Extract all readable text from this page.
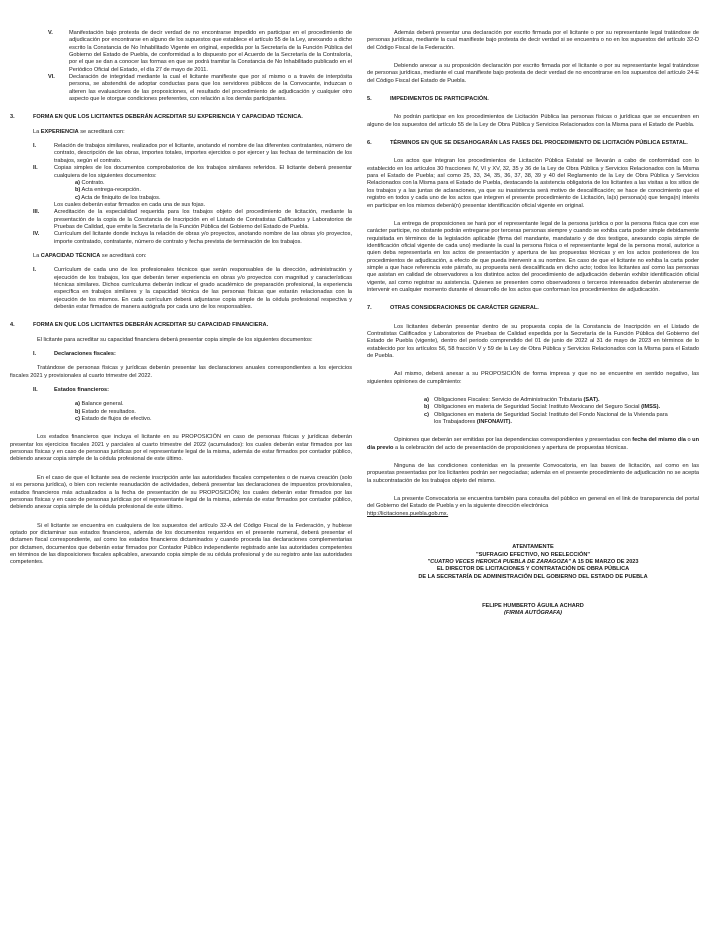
V.	Manifestación bajo protesta de decir verdad de no encontrarse impedido en participar en el procedimiento de adjudicación por encontrarse en alguno de los supuestos que establece el artículo 55 de la Ley, anexando a dicho escrito la Constancia de No Inhabilitado Vigente en original, expedida por la Secretaría de la Función Pública del Gobierno del Estado de Puebla, de conformidad a lo dispuesto por el Acuerdo de la Secretaría de la Contraloría, por el que se dan a conocer las formas en que se podrá tramitar la Constancia de No Inhabilitado publicado en el Periódico Oficial del Estado, el día 27 de mayo de 2011.

VI.	Declaración de integridad mediante la cual el licitante manifieste que por sí mismo o a través de interpósita persona, se abstendrá de adoptar conductas para que los servidores públicos de la Convocante, induzcan o alteren las evaluaciones de las proposiciones, el resultado del procedimiento de adjudicación y cualquier otro aspecto que le otorgue condiciones preferentes, con relación a los demás participantes.

3.	FORMA EN QUE LOS LICITANTES DEBERÁN ACREDITAR SU EXPERIENCIA Y CAPACIDAD TÉCNICA.

La EXPERIENCIA se acreditará con:

I.	Relación de trabajos similares, realizados por el licitante, anotando el nombre de las diferentes contratantes, número de contrato, descripción de las obras, importes totales, importes ejercidos o por ejercer y las fechas de terminación de los trabajos, según el contrato.

II.	Copias simples de los documentos comprobatorios de los trabajos similares referidos. El licitante deberá presentar cualquiera de los siguientes documentos:

a) Contrato.
b) Acta entrega-recepción.
c) Acta de finiquito de los trabajos.

Los cuales deberán estar firmados en cada una de sus fojas.

III.	Acreditación de la especialidad requerida para los trabajos objeto del procedimiento de licitación, mediante la presentación de la copia de la Constancia de Inscripción en el Listado de Contratistas Calificados y Laboratorios de Pruebas de Calidad, que emite la Secretaría de la Función Pública del Gobierno del Estado de Puebla.

IV.	Currículum del licitante donde incluya la relación de obras y/o proyectos, anotando nombre de las obras y/o proyectos, importe contratado, contratante, número de contrato y fecha prevista de terminación de los trabajos.

La CAPACIDAD TÉCNICA se acreditará con:

I.	Currículum de cada uno de los profesionales técnicos que serán responsables de la dirección, administración y ejecución de los trabajos, los que deberán tener experiencia en obras y/o proyectos con magnitud y características técnicas similares. Dichos currículums deberán indicar el grado académico de preparación profesional, la experiencia específica en trabajos similares y la capacidad técnica de las personas físicas que estarán relacionadas con la ejecución de los mismos. En cada currículum deberá adjuntarse copia simple de la cédula profesional respectiva y deberán estar firmados de manera autógrafa por cada uno de los responsables.

4.	FORMA EN QUE LOS LICITANTES DEBERÁN ACREDITAR SU CAPACIDAD FINANCIERA.

El licitante para acreditar su capacidad financiera deberá presentar copia simple de los siguientes documentos:

I.	Declaraciones fiscales:

Tratándose de personas físicas y jurídicas deberán presentar las declaraciones anuales correspondientes a los ejercicios fiscales 2021 y provisionales al cuarto trimestre del 2022.

II.	Estados financieros:

a) Balance general.
b) Estado de resultados.
c) Estado de flujos de efectivo.

Los estados financieros que incluya el licitante en su PROPOSICIÓN en caso de personas físicas y jurídicas deberán presentar los ejercicios fiscales 2021 y parciales al cuarto trimestre del 2022 (acumulados): los cuales deberán estar firmados por las personas físicas y en caso de personas jurídicas por el representante legal de la misma, además de estar firmados por contador público, debiendo anexar copia simple de la cédula profesional de este último.

En el caso de que el licitante sea de reciente inscripción ante las autoridades fiscales competentes o de nueva creación (solo si es persona jurídica), o bien con reciente reanudación de actividades, deberá presentar las declaraciones de impuestos provisionales, estados financieros más actualizados a la fecha de presentación de su PROPOSICIÓN; los cuales deberán estar firmados por las personas físicas y en caso de personas jurídicas por el representante legal de la misma, además de estar firmados por contador público, debiendo anexar copia simple de la cédula profesional de este último.

Si el licitante se encuentra en cualquiera de los supuestos del artículo 32-A del Código Fiscal de la Federación, y hubiese optado por dictaminar sus estados financieros, además de los documentos requeridos en el presente numeral, deberá presentar el dictamen fiscal correspondiente, así como los estados financieros dictaminados y cuando proceda las declaraciones complementarias por dictamen, documentos que deberán estar firmados por Contador Público independiente registrado ante las autoridades competentes en términos de las disposiciones fiscales aplicables, anexando copia simple de su cédula profesional y de su registro ante las autoridades competentes.

Además deberá presentar una declaración por escrito firmada por el licitante o por su representante legal tratándose de personas jurídicas, mediante la cual manifieste bajo protesta de decir verdad si se encuentra o no en los supuestos del artículo 32-D del Código Fiscal de la Federación.

Debiendo anexar a su proposición declaración por escrito firmada por el licitante o por su representante legal tratándose de personas jurídicas, mediante el cual manifieste bajo protesta de decir verdad de no encontrarse en los supuestos del artículo 24-E del Código Fiscal del Estado de Puebla.

5.	IMPEDIMENTOS DE PARTICIPACIÓN.

No podrán participar en los procedimientos de Licitación Pública las personas físicas o jurídicas que se encuentren en alguno de los supuestos del artículo 55 de la Ley de Obra Pública y Servicios Relacionados con la Misma para el Estado de Puebla.

6.	TÉRMINOS EN QUE SE DESAHOGARÁN LAS FASES DEL PROCEDIMIENTO DE LICITACIÓN PÚBLICA ESTATAL.

Los actos que integran los procedimientos de Licitación Pública Estatal se llevarán a cabo de conformidad con lo establecido en los artículos 30 fracciones IV, VI y XV, 32, 35 y 36 de la Ley de Obra Pública y Servicios Relacionados con la Misma para el Estado de Puebla; así como 25, 33, 34, 35, 36, 37, 38, 39 y 40 del Reglamento de la Ley de Obra Pública y Servicios Relacionados con la Misma para el Estado de Puebla, destacando la asistencia obligatoria de los licitantes a las visitas a los sitios de los trabajos y a las juntas de aclaraciones, ya que su inasistencia será motivo de descalificación; se hace de conocimiento que el registro en todos y cada uno de los actos que integren el presente procedimiento de Licitación, la(s) persona(s) que tenga(n) interés en participar en los mismos deberá(n) presentar identificación oficial vigente en original.

La entrega de proposiciones se hará por el representante legal de la persona jurídica o por la persona física que con ese carácter participe, no obstante podrán entregarse por terceras personas siempre y cuando se exhiba carta poder simple debidamente requisitada en términos de la legislación aplicable (firma del mandante, mandatario y de dos testigos, anexando copia simple de identificación oficial vigente de cada uno) mediante la cual la persona física o el representante legal de la persona moral, autorice a quien deba representarla en los actos de presentación y apertura de las propuestas técnicas y en los actos posteriores de los procedimientos de adjudicación, a efecto de que pueda intervenir a su nombre. En caso de que el licitante no exhiba la carta poder simple a que hace referencia este párrafo, su propuesta será descalificada en dicho acto; todos los licitantes así como las personas que asistan en calidad de observadores a los distintos actos del procedimiento de adjudicación deberán exhibir identificación oficial vigente, así como registrar su asistencia. Quienes se presenten como observadores o terceros interesados deberán abstenerse de intervenir en cualquier momento durante el desarrollo de los actos que conforman los procedimientos de adjudicación.

7.	OTRAS CONSIDERACIONES DE CARÁCTER GENERAL.

Los licitantes deberán presentar dentro de su propuesta copia de la Constancia de Inscripción en el Listado de Contratistas Calificados y Laboratorios de Pruebas de Calidad expedida por la Secretaría de la Función Pública del Gobierno del Estado de Puebla (vigente), dentro del periodo comprendido del 01 de junio de 2022 al 31 de mayo de 2023 en términos de lo establecido por los artículos 56, 58 fracción V y 59 de la Ley de Obra Pública y Servicios Relacionados con la Misma para el Estado de Puebla.

Así mismo, deberá anexar a su PROPOSICIÓN de forma impresa y que no se encuentre en sentido negativo, las siguientes opiniones de cumplimiento:

a) Obligaciones Fiscales: Servicio de Administración Tributaria (SAT).
b) Obligaciones en materia de Seguridad Social: Instituto Mexicano del Seguro Social (IMSS).
c) Obligaciones en materia de Seguridad Social: Instituto del Fondo Nacional de la Vivienda para los Trabajadores (INFONAVIT).

Opiniones que deberán ser emitidas por las dependencias correspondientes y presentadas con fecha del mismo día o un día previo a la celebración del acto de presentación de proposiciones y apertura de propuestas técnicas.

Ninguna de las condiciones contenidas en la presente Convocatoria, en las bases de licitación, así como en las propuestas presentadas por los licitantes podrán ser negociadas; además en el presente procedimiento de adjudicación no se acepta la subcontratación de los trabajos objeto del mismo.

La presente Convocatoria se encuentra también para consulta del público en general en el link de transparencia del portal del Gobierno del Estado de Puebla y en la siguiente dirección electrónica
http://licitaciones.puebla.gob.mx.

ATENTAMENTE
"SUFRAGIO EFECTIVO, NO REELECCIÓN"
"CUATRO VECES HEROICA PUEBLA DE ZARAGOZA" A 15 DE MARZO DE 2023
EL DIRECTOR DE LICITACIONES Y CONTRATACIÓN DE OBRA PÚBLICA
DE LA SECRETARÍA DE ADMINISTRACIÓN DEL GOBIERNO DEL ESTADO DE PUEBLA
FELIPE HUMBERTO ÁGUILA ACHARD
(FIRMA AUTÓGRAFA)
